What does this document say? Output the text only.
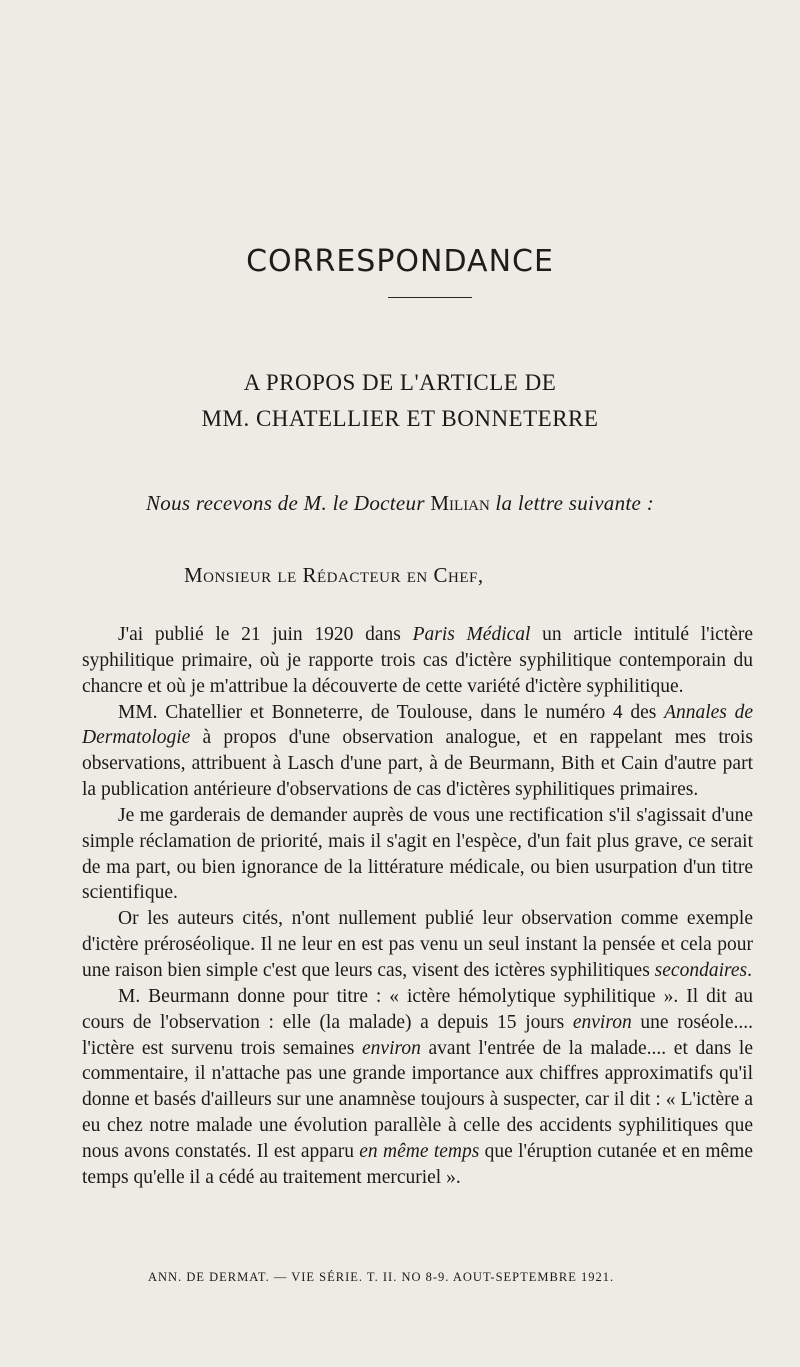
CORRESPONDANCE
A PROPOS DE L'ARTICLE DE
MM. CHATELLIER ET BONNETERRE
Nous recevons de M. le Docteur Milian la lettre suivante :
Monsieur le Rédacteur en Chef,

J'ai publié le 21 juin 1920 dans Paris Médical un article intitulé l'ictère syphilitique primaire, où je rapporte trois cas d'ictère syphilitique contemporain du chancre et où je m'attribue la découverte de cette variété d'ictère syphilitique.

MM. Chatellier et Bonneterre, de Toulouse, dans le numéro 4 des Annales de Dermatologie à propos d'une observation analogue, et en rappelant mes trois observations, attribuent à Lasch d'une part, à de Beurmann, Bith et Cain d'autre part la publication antérieure d'observations de cas d'ictères syphilitiques primaires.

Je me garderais de demander auprès de vous une rectification s'il s'agissait d'une simple réclamation de priorité, mais il s'agit en l'espèce, d'un fait plus grave, ce serait de ma part, ou bien ignorance de la littérature médicale, ou bien usurpation d'un titre scientifique.

Or les auteurs cités, n'ont nullement publié leur observation comme exemple d'ictère préroséolique. Il ne leur en est pas venu un seul instant la pensée et cela pour une raison bien simple c'est que leurs cas, visent des ictères syphilitiques secondaires.

M. Beurmann donne pour titre : « ictère hémolytique syphilitique ». Il dit au cours de l'observation : elle (la malade) a depuis 15 jours environ une roséole.... l'ictère est survenu trois semaines environ avant l'entrée de la malade.... et dans le commentaire, il n'attache pas une grande importance aux chiffres approximatifs qu'il donne et basés d'ailleurs sur une anamnèse toujours à suspecter, car il dit : « L'ictère a eu chez notre malade une évolution parallèle à celle des accidents syphilitiques que nous avons constatés. Il est apparu en même temps que l'éruption cutanée et en même temps qu'elle il a cédé au traitement mercuriel ».

ANN. DE DERMAT. — VIE SÉRIE. T. II. NO 8-9. AOUT-SEPTEMBRE 1921.
